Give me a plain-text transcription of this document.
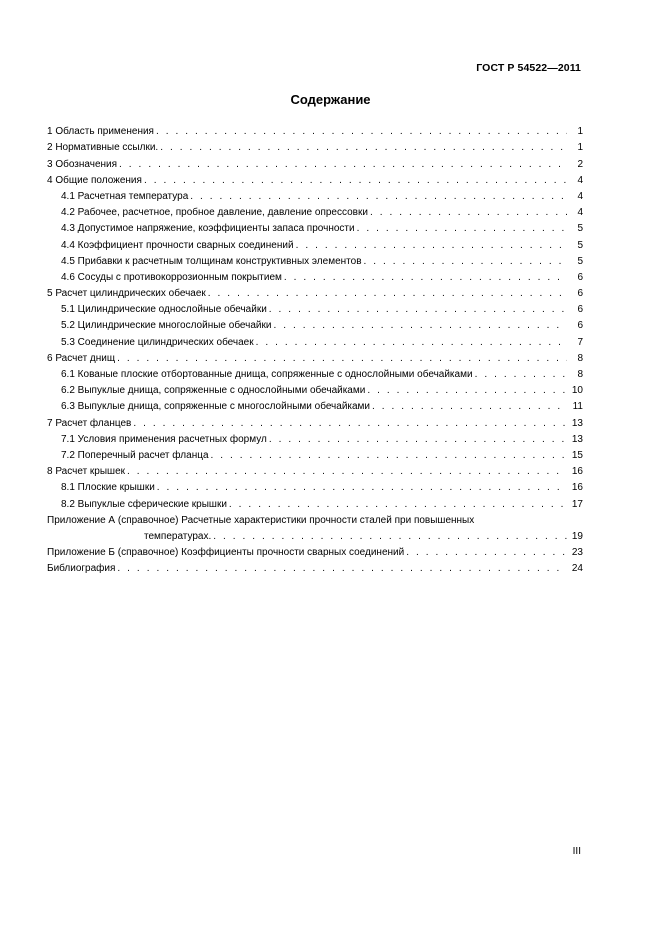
ГОСТ Р 54522—2011
Содержание
1 Область применения . . .	1
2 Нормативные ссылки. . . .	1
3 Обозначения . . .	2
4 Общие положения . . .	4
4.1 Расчетная температура . . .	4
4.2 Рабочее, расчетное, пробное давление, давление опрессовки . . .	4
4.3 Допустимое напряжение, коэффициенты запаса прочности . . .	5
4.4 Коэффициент прочности сварных соединений . . .	5
4.5 Прибавки к расчетным толщинам конструктивных элементов . . .	5
4.6 Сосуды с противокоррозионным покрытием . . .	6
5 Расчет цилиндрических обечаек . . .	6
5.1 Цилиндрические однослойные обечайки . . .	6
5.2 Цилиндрические многослойные обечайки . . .	6
5.3 Соединение цилиндрических обечаек . . .	7
6 Расчет днищ . . .	8
6.1 Кованые плоские отбортованные днища, сопряженные с однослойными обечайками . . .	8
6.2 Выпуклые днища, сопряженные с однослойными обечайками . . .	10
6.3 Выпуклые днища, сопряженные с многослойными обечайками . . .	11
7 Расчет фланцев . . .	13
7.1 Условия применения расчетных формул . . .	13
7.2 Поперечный расчет фланца . . .	15
8 Расчет крышек . . .	16
8.1 Плоские крышки . . .	16
8.2 Выпуклые сферические крышки . . .	17
Приложение А (справочное) Расчетные характеристики прочности сталей при повышенных
температурах. . . .	19
Приложение Б (справочное) Коэффициенты прочности сварных соединений . . .	23
Библиография . . .	24
III
